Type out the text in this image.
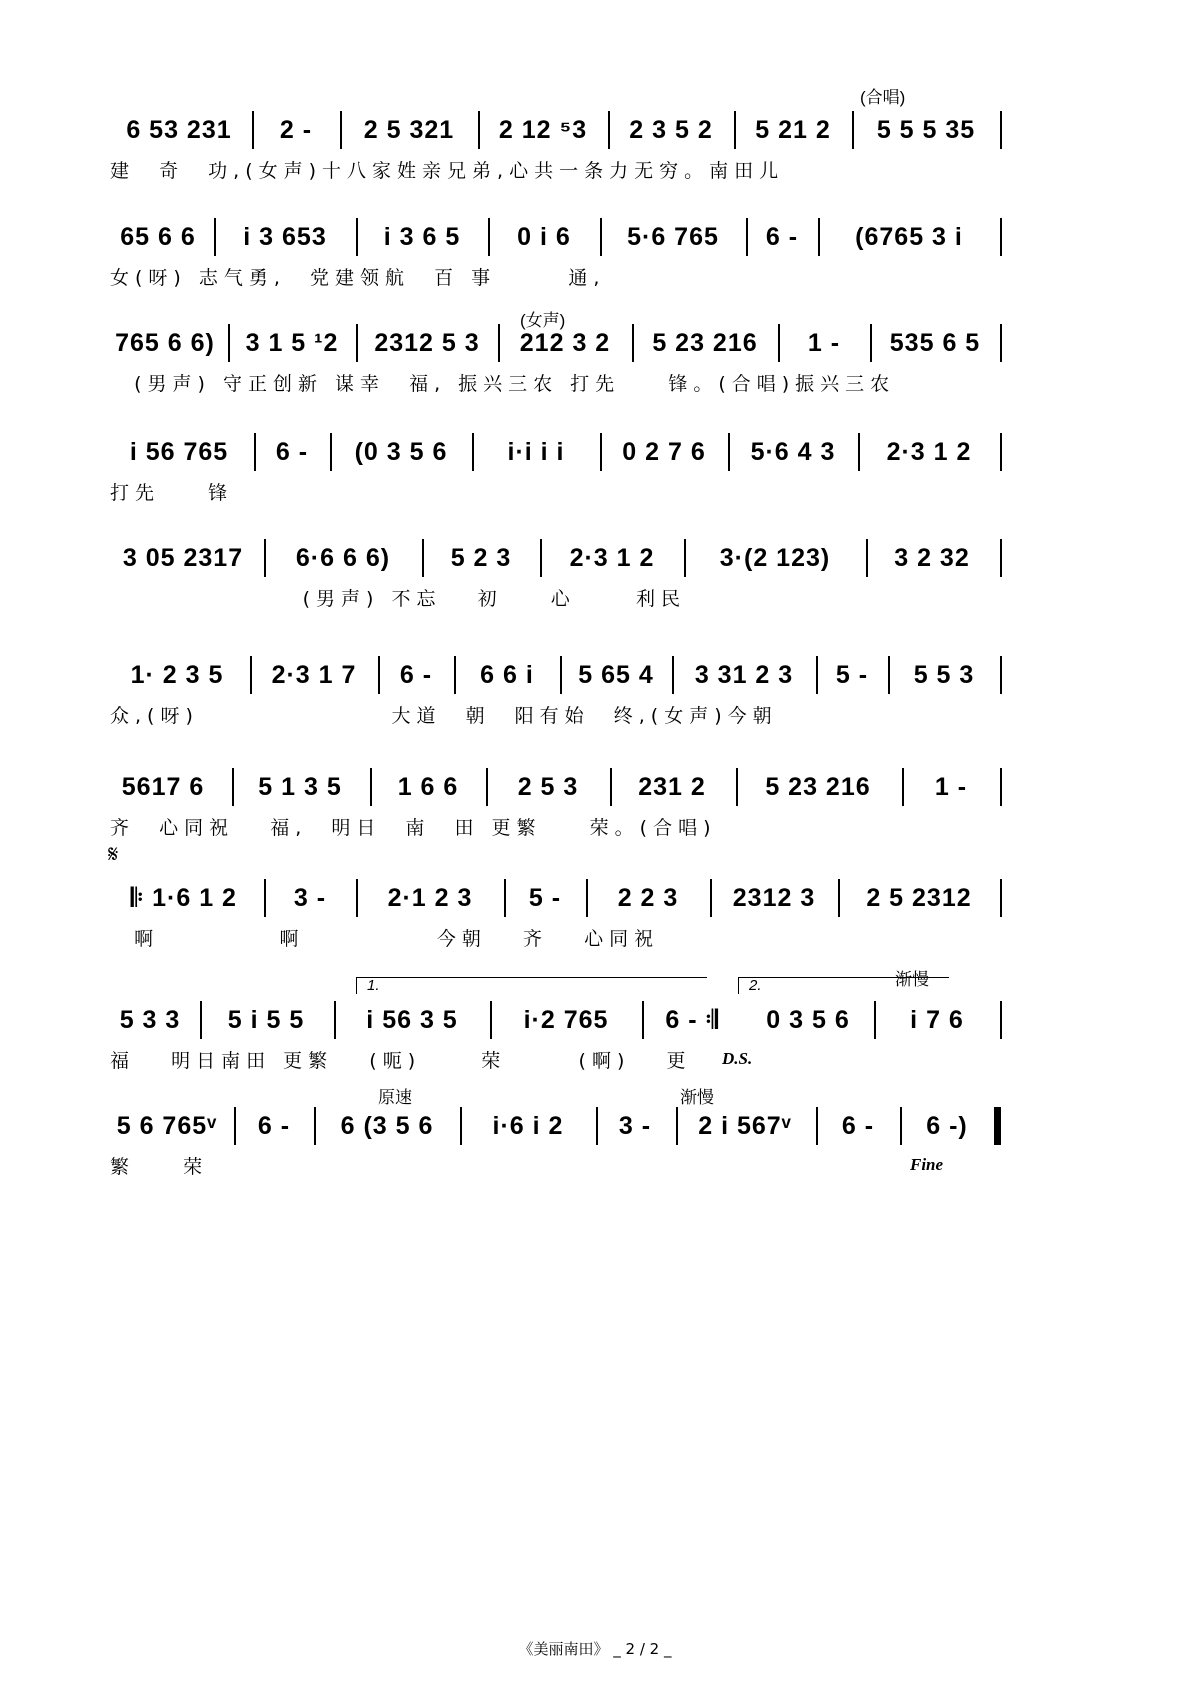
(合唱)

6 53 231

	2 -

	2 5 321

	2 12 ⁵3

	2 3 5 2

	5 21 2

	5 5 5 35

建  奇  功,(女声)十八家姓亲兄弟,心共一条力无穷。南田儿

65 6 6

	i 3 653

	i 3 6 5

	0 i 6

	5·6 765

	6 -

	(6765 3 i

女(呀) 志气勇,  党建领航  百 事      通,
(女声)

765 6 6)

	3 1 5 ¹2

	2312 5 3

	212 3 2

	5 23 216

	1 -

	535 6 5

(男声) 守正创新 谋幸  福, 振兴三农 打先    锋。(合唱)振兴三农

i 56 765

	6 -

	(0 3 5 6

	i·i i i

	0 2 7 6

	5·6 4 3

	2·3 1 2

打先    锋

3 05 2317

	6·6 6 6)

	5 2 3

	2·3 1 2

	3·(2 123)

	3 2 32

(男声) 不忘   初    心     利民

1· 2 3 5

	2·3 1 7

	6 -

	6 6 i

	5 65 4

	3 31 2 3

	5 -

	5 5 3

众,(呀)                大道  朝  阳有始  终,(女声)今朝

5617 6

	5 1 3 5

	1 6 6

	2 5 3

	231 2

	5 23 216

	1 -

齐  心同祝   福,  明日  南  田 更繁    荣。(合唱)
𝄋

𝄆 1·6 1 2

	3 -

	2·1 2 3

	5 -

	2 2 3

	2312 3

	2 5 2312

啊          啊           今朝   齐   心同祝
渐慢
1.	2.

5 3 3

	5 i 5 5

	i 56 3 5

	i·2 765

	6 - 𝄇

	0 3 5 6

	i 7 6

福   明日南田 更繁   (呃)     荣      (啊)   更	D.S.
原速	渐慢

5 6 765ᵛ

	6 -

	6 (3 5 6

	i·6 i 2

	3 -

	2 i 567ᵛ

	6 -

	6 -)

繁    荣	Fine
《美丽南田》 _ 2 / 2 _
